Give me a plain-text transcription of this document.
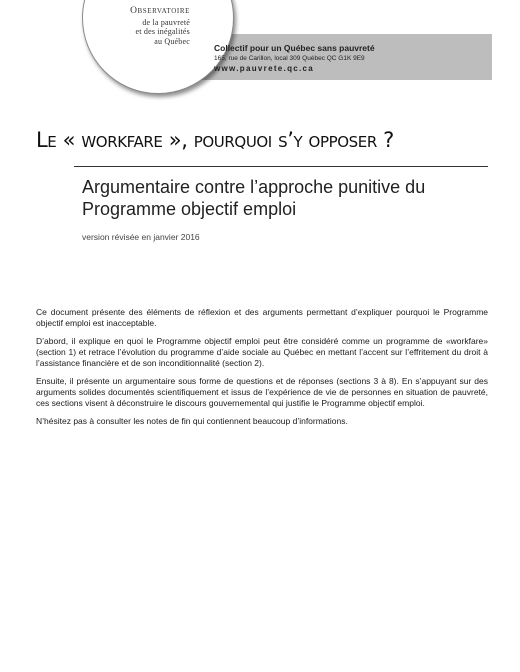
Observatoire
de la pauvreté
et des inégalités
au Québec
Collectif pour un Québec sans pauvreté
165, rue de Carillon, local 309 Québec QC G1K 9E9
www.pauvrete.qc.ca
Le « workfare », pourquoi s’y opposer ?
Argumentaire contre l’approche punitive du Programme objectif emploi
version révisée en janvier 2016

Ce document présente des éléments de réflexion et des arguments permettant d’expliquer pourquoi le Programme objectif emploi est inacceptable.

D’abord, il explique en quoi le Programme objectif emploi peut être considéré comme un programme de «workfare» (section 1) et retrace l’évolution du programme d’aide sociale au Québec en mettant l’accent sur l’effritement du droit à l’assistance financière et de son inconditionnalité (section 2).

Ensuite, il présente un argumentaire sous forme de questions et de réponses (sections 3 à 8). En s’appuyant sur des arguments solides documentés scientifiquement et issus de l’expérience de vie de personnes en situation de pauvreté, ces sections visent à déconstruire le discours gouvernemental qui justifie le Programme objectif emploi.

N’hésitez pas à consulter les notes de fin qui contiennent beaucoup d’informations.
